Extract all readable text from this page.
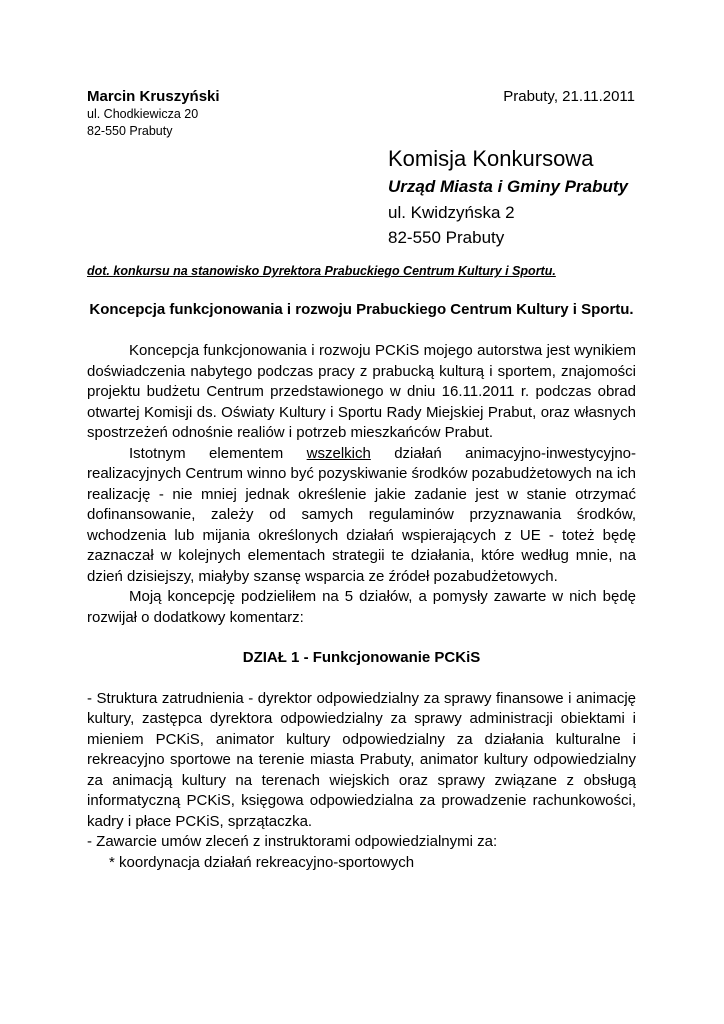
Marcin Kruszyński
ul. Chodkiewicza 20
82-550 Prabuty
Prabuty, 21.11.2011
Komisja Konkursowa
Urząd Miasta i Gminy Prabuty
ul. Kwidzyńska 2
82-550 Prabuty
dot. konkursu na stanowisko Dyrektora Prabuckiego Centrum Kultury i Sportu.
Koncepcja funkcjonowania i rozwoju Prabuckiego Centrum Kultury i Sportu.

Koncepcja funkcjonowania i rozwoju PCKiS mojego autorstwa jest wynikiem doświadczenia nabytego podczas pracy z prabucką kulturą i sportem, znajomości projektu budżetu Centrum przedstawionego w dniu 16.11.2011 r. podczas obrad otwartej Komisji ds. Oświaty Kultury i Sportu Rady Miejskiej Prabut, oraz własnych spostrzeżeń odnośnie realiów i potrzeb mieszkańców Prabut.

Istotnym elementem wszelkich działań animacyjno-inwestycyjno-realizacyjnych Centrum winno być pozyskiwanie środków pozabudżetowych na ich realizację - nie mniej jednak określenie jakie zadanie jest w stanie otrzymać dofinansowanie, zależy od samych regulaminów przyznawania środków, wchodzenia lub mijania określonych działań wspierających z UE - toteż będę zaznaczał w kolejnych elementach strategii te działania, które według mnie, na dzień dzisiejszy, miałyby szansę wsparcia ze źródeł pozabudżetowych.

Moją koncepcję podzieliłem na 5 działów, a pomysły zawarte w nich będę rozwijał o dodatkowy komentarz:

DZIAŁ 1 - Funkcjonowanie PCKiS

- Struktura zatrudnienia - dyrektor odpowiedzialny za sprawy finansowe i animację kultury, zastępca dyrektora odpowiedzialny za sprawy administracji obiektami i mieniem PCKiS, animator kultury odpowiedzialny za działania kulturalne i rekreacyjno sportowe na terenie miasta Prabuty, animator kultury odpowiedzialny za animacją kultury na terenach wiejskich oraz sprawy związane z obsługą informatyczną PCKiS, księgowa odpowiedzialna za prowadzenie rachunkowości, kadry i płace PCKiS, sprzątaczka.

- Zawarcie umów zleceń z instruktorami odpowiedzialnymi za:

* koordynacja działań rekreacyjno-sportowych
